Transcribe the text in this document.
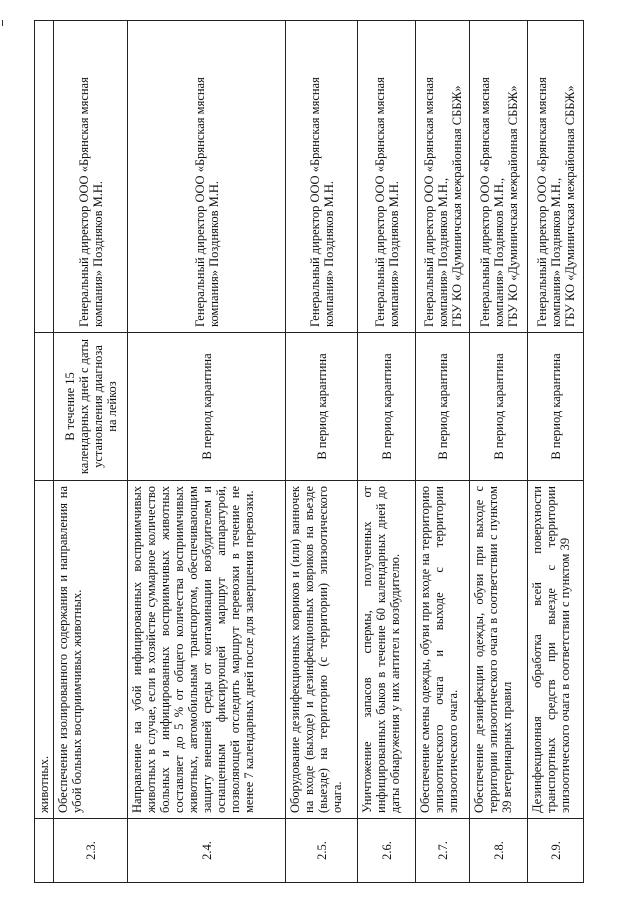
	животных.		

2.3.	Обеспечение изолированного содержания и направления на убой больных восприимчивых животных.	В течение 15 календарных дней с даты установления диагноза на лейкоз	Генеральный директор ООО «Брянская мясная компания» Поздняков М.Н.

2.4.	Направление на убой инфицированных восприимчивых животных в случае, если в хозяйстве суммарное количество больных и инфицированных восприимчивых животных составляет до 5 % от общего количества восприимчивых животных, автомобильным транспортом, обеспечивающим защиту внешней среды от контаминации возбудителем и оснащенным фиксирующей маршрут аппаратурой, позволяющей отследить маршрут перевозки в течение не менее 7 календарных дней после для завершения перевозки.	В период карантина	Генеральный директор ООО «Брянская мясная компания» Поздняков М.Н.

2.5.	Оборудование дезинфекционных ковриков и (или) ванночек на входе (выходе) и дезинфекционных ковриков на въезде (выезде) на территорию (с территории) эпизоотического очага.	В период карантина	Генеральный директор ООО «Брянская мясная компания» Поздняков М.Н.

2.6.	Уничтожение запасов спермы, полученных от инфицированных быков в течение 60 календарных дней до даты обнаружения у них антител к возбудителю.	В период карантина	Генеральный директор ООО «Брянская мясная компания» Поздняков М.Н.

2.7.	Обеспечение смены одежды, обуви при входе на территорию эпизоотического очага и выходе с территории эпизоотического очага.	В период карантина	Генеральный директор ООО «Брянская мясная компания» Поздняков М.Н., ГБУ КО «Думиничская межрайонная СББЖ»

2.8.	Обеспечение дезинфекции одежды, обуви при выходе с территории эпизоотического очага в соответствии с пунктом 39 ветеринарных правил	В период карантина	Генеральный директор ООО «Брянская мясная компания» Поздняков М.Н., ГБУ КО «Думиничская межрайонная СББЖ»

2.9.	Дезинфекционная обработка всей поверхности транспортных средств при выезде с территории эпизоотического очага в соответствии с пунктом 39	В период карантина	Генеральный директор ООО «Брянская мясная компания» Поздняков М.Н., ГБУ КО «Думиничская межрайонная СББЖ»
